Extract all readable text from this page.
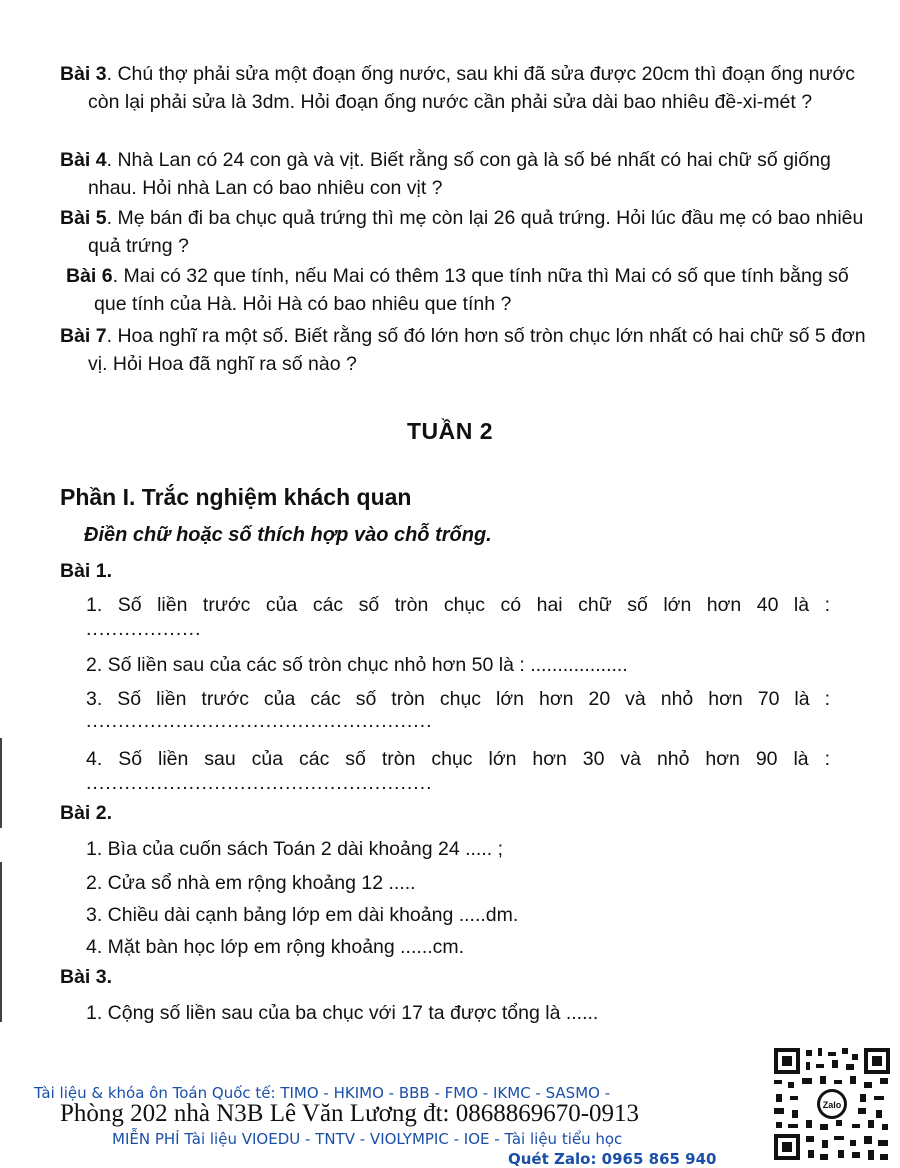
Bài 3. Chú thợ phải sửa một đoạn ống nước, sau khi đã sửa được 20cm thì đoạn ống nước còn lại phải sửa là 3dm. Hỏi đoạn ống nước cần phải sửa dài bao nhiêu đề-xi-mét ?
Bài 4. Nhà Lan có 24 con gà và vịt. Biết rằng số con gà là số bé nhất có hai chữ số giống nhau. Hỏi nhà Lan có bao nhiêu con vịt ?
Bài 5. Mẹ bán đi ba chục quả trứng thì mẹ còn lại 26 quả trứng. Hỏi lúc đầu mẹ có bao nhiêu quả trứng ?
Bài 6. Mai có 32 que tính, nếu Mai có thêm 13 que tính nữa thì Mai có số que tính bằng số que tính của Hà. Hỏi Hà có bao nhiêu que tính ?
Bài 7. Hoa nghĩ ra một số. Biết rằng số đó lớn hơn số tròn chục lớn nhất có hai chữ số 5 đơn vị. Hỏi Hoa đã nghĩ ra số nào ?
TUẦN 2
Phần I. Trắc nghiệm khách quan
Điền chữ hoặc số thích hợp vào chỗ trống.
Bài 1.
1. Số liền trước của các số tròn chục có hai chữ số lớn hơn 40 là :
..................
2. Số liền sau của các số tròn chục nhỏ hơn 50 là : ..................
3. Số liền trước của các số tròn chục lớn hơn 20 và nhỏ hơn 70 là :
......................................................
4. Số liền sau của các số tròn chục lớn hơn 30 và nhỏ hơn 90 là :
......................................................
Bài 2.
1. Bìa của cuốn sách Toán 2 dài khoảng 24 ..... ;
2. Cửa sổ nhà em rộng khoảng 12 .....
3. Chiều dài cạnh bảng lớp em dài khoảng .....dm.
4. Mặt bàn học lớp em rộng khoảng ......cm.
Bài 3.
1. Cộng số liền sau của ba chục với 17 ta được tổng là ......
Tài liệu & khóa ôn Toán Quốc tế: TIMO - HKIMO - BBB - FMO - IKMC - SASMO -
Phòng 202 nhà N3B Lê Văn Lương đt: 0868869670-0913
MIỄN PHÍ Tài liệu VIOEDU - TNTV - VIOLYMPIC - IOE - Tài liệu tiểu học
Quét Zalo: 0965 865 940
Zalo
